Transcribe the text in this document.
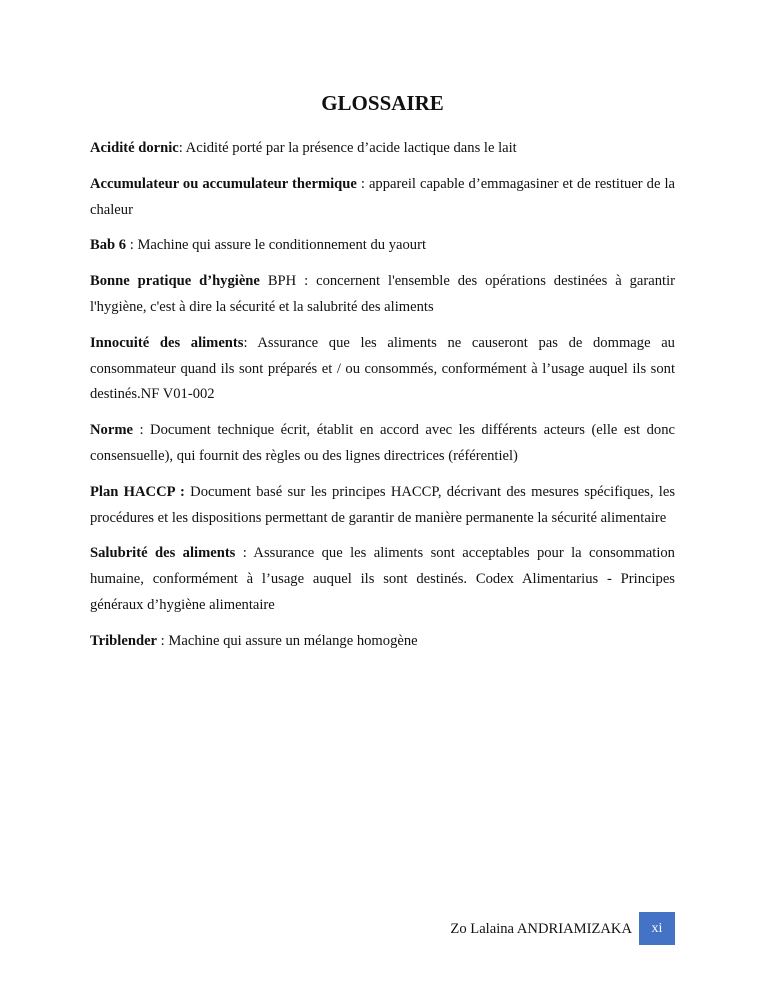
GLOSSAIRE

Acidité dornic: Acidité porté par la présence d’acide lactique dans le lait

Accumulateur ou accumulateur thermique : appareil capable d’emmagasiner et de restituer de la chaleur

Bab 6 : Machine qui assure le conditionnement du yaourt

Bonne pratique d’hygiène BPH : concernent l'ensemble des opérations destinées à garantir l'hygiène, c'est à dire la sécurité et la salubrité des aliments

Innocuité des aliments: Assurance que les aliments ne causeront pas de dommage au consommateur quand ils sont préparés et / ou consommés, conformément à l’usage auquel ils sont destinés.NF V01-002

Norme : Document technique écrit, établit en accord avec les différents acteurs (elle est donc consensuelle), qui fournit des règles ou des lignes directrices (référentiel)

Plan HACCP : Document basé sur les principes HACCP, décrivant des mesures spécifiques, les procédures et les dispositions permettant de garantir de manière permanente la sécurité alimentaire

Salubrité des aliments : Assurance que les aliments sont acceptables pour la consommation humaine, conformément à l’usage auquel ils sont destinés. Codex Alimentarius - Principes généraux d’hygiène alimentaire

Triblender : Machine qui assure un mélange homogène

Zo Lalaina ANDRIAMIZAKA	xi
